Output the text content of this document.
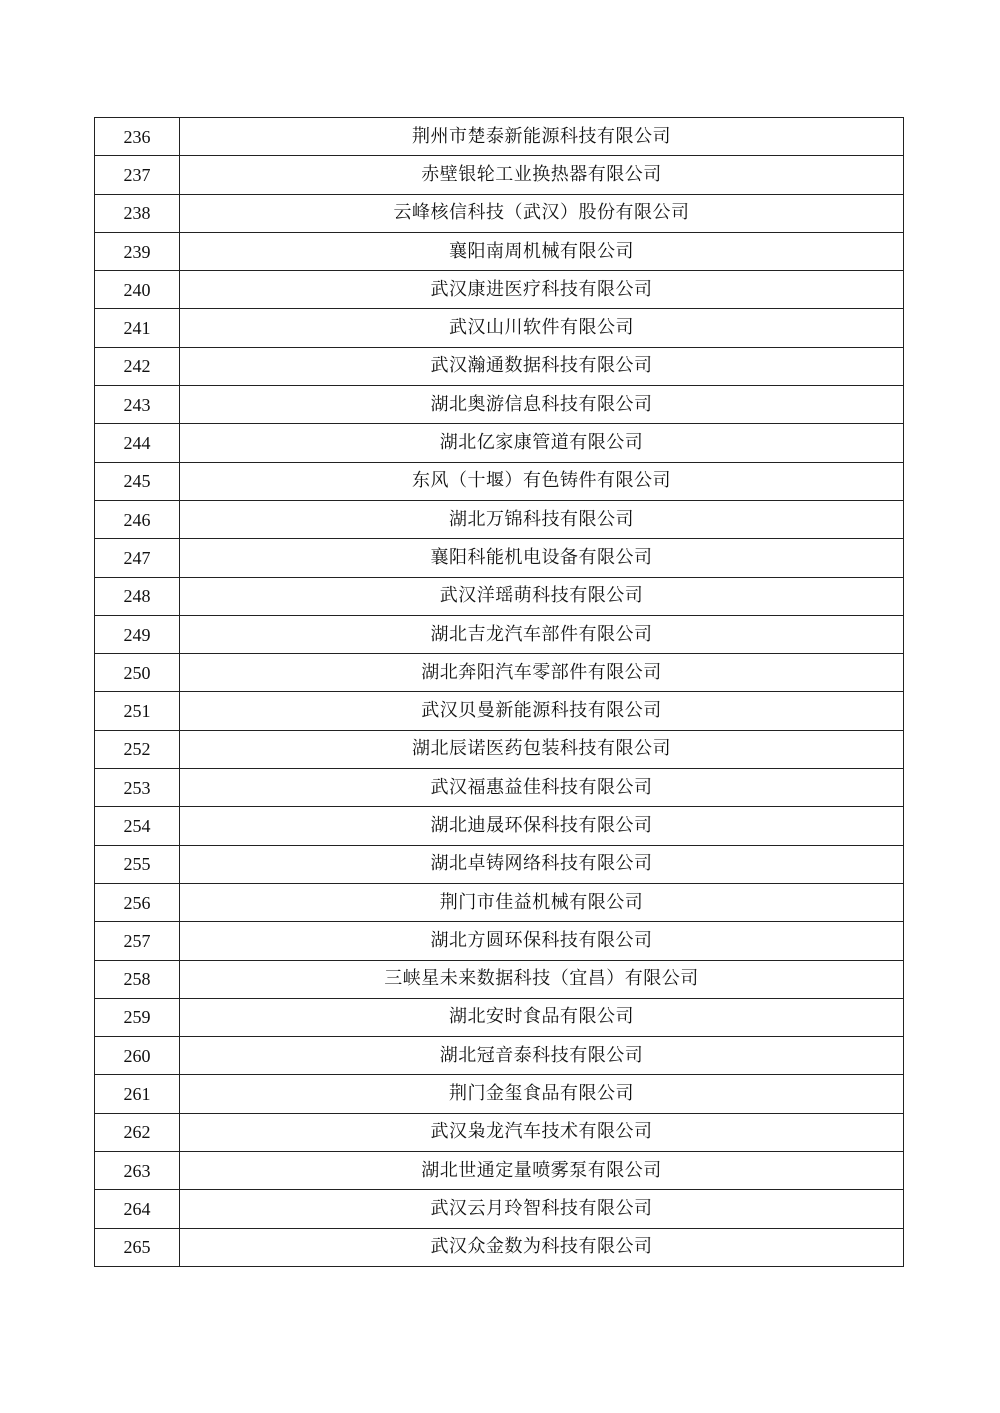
236	荆州市楚泰新能源科技有限公司
237	赤壁银轮工业换热器有限公司
238	云峰核信科技（武汉）股份有限公司
239	襄阳南周机械有限公司
240	武汉康进医疗科技有限公司
241	武汉山川软件有限公司
242	武汉瀚通数据科技有限公司
243	湖北奥游信息科技有限公司
244	湖北亿家康管道有限公司
245	东风（十堰）有色铸件有限公司
246	湖北万锦科技有限公司
247	襄阳科能机电设备有限公司
248	武汉洋瑶萌科技有限公司
249	湖北吉龙汽车部件有限公司
250	湖北奔阳汽车零部件有限公司
251	武汉贝曼新能源科技有限公司
252	湖北辰诺医药包装科技有限公司
253	武汉福惠益佳科技有限公司
254	湖北迪晟环保科技有限公司
255	湖北卓铸网络科技有限公司
256	荆门市佳益机械有限公司
257	湖北方圆环保科技有限公司
258	三峡星未来数据科技（宜昌）有限公司
259	湖北安时食品有限公司
260	湖北冠音泰科技有限公司
261	荆门金玺食品有限公司
262	武汉枭龙汽车技术有限公司
263	湖北世通定量喷雾泵有限公司
264	武汉云月玲智科技有限公司
265	武汉众金数为科技有限公司
